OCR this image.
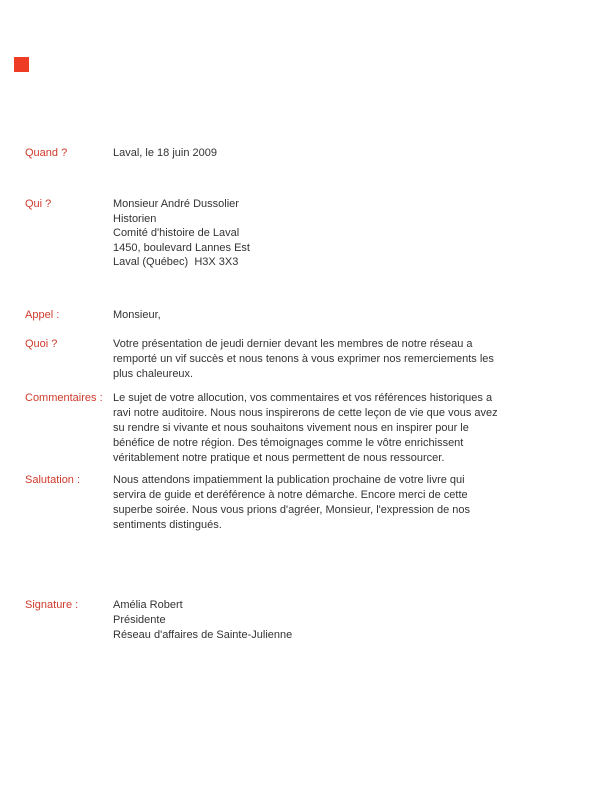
Quand ?	Laval, le 18 juin 2009
Qui ?	Monsieur André Dussolier
Historien
Comité d'histoire de Laval
1450, boulevard Lannes Est
Laval (Québec)  H3X 3X3
Appel :	Monsieur,
Quoi ?	Votre présentation de jeudi dernier devant les membres de notre réseau a
remporté un vif succès et nous tenons à vous exprimer nos remerciements les
plus chaleureux.
Commentaires : Le sujet de votre allocution, vos commentaires et vos références historiques a
ravi notre auditoire. Nous nous inspirerons de cette leçon de vie que vous avez
su rendre si vivante et nous souhaitons vivement nous en inspirer pour le
bénéfice de notre région. Des témoignages comme le vôtre enrichissent
véritablement notre pratique et nous permettent de nous ressourcer.
Salutation :	Nous attendons impatiemment la publication prochaine de votre livre qui
servira de guide et deréférence à notre démarche. Encore merci de cette
superbe soirée. Nous vous prions d'agréer, Monsieur, l'expression de nos
sentiments distingués.
Signature :	Amélia Robert
Présidente
Réseau d'affaires de Sainte-Julienne
